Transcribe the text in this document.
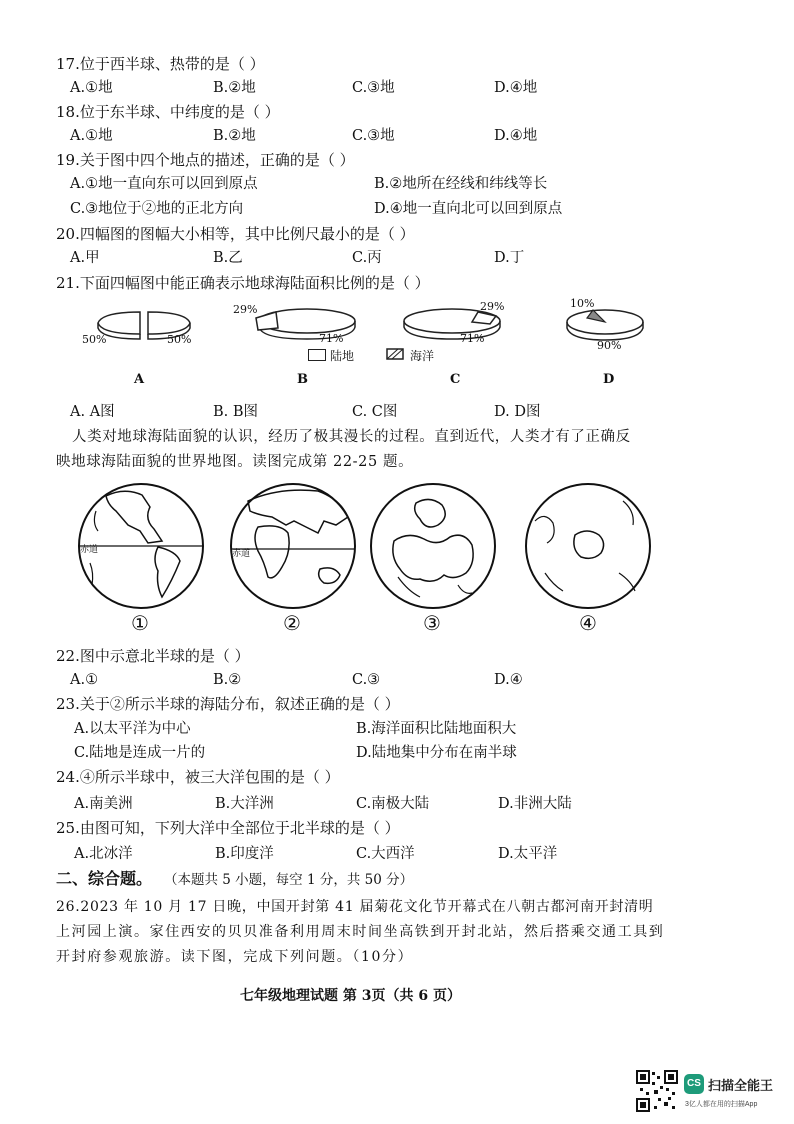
17.位于西半球、热带的是（ ）
A.①地	B.②地	C.③地	D.④地
18.位于东半球、中纬度的是（ ）
A.①地	B.②地	C.③地	D.④地
19.关于图中四个地点的描述，正确的是（ ）
A.①地一直向东可以回到原点	B.②地所在经线和纬线等长
C.③地位于②地的正北方向	D.④地一直向北可以回到原点
20.四幅图的图幅大小相等，其中比例尺最小的是（ ）
A.甲	B.乙	C.丙	D.丁
21.下面四幅图中能正确表示地球海陆面积比例的是（ ）
50%	50%
A
29%
71%
B
29%
71%
C
10%
90%
D
陆地	海洋
A. A图	B. B图	C. C图	D. D图
人类对地球海陆面貌的认识，经历了极其漫长的过程。直到近代，人类才有了正确反
映地球海陆面貌的世界地图。读图完成第 22-25 题。
赤道
①
赤道
②	③	④
22.图中示意北半球的是（ ）
A.①	B.②	C.③	D.④
23.关于②所示半球的海陆分布，叙述正确的是（ ）
A.以太平洋为中心	B.海洋面积比陆地面积大
C.陆地是连成一片的	D.陆地集中分布在南半球
24.④所示半球中，被三大洋包围的是（ ）
A.南美洲	B.大洋洲	C.南极大陆	D.非洲大陆
25.由图可知，下列大洋中全部位于北半球的是（ ）
A.北冰洋	B.印度洋	C.大西洋	D.太平洋
二、综合题。 （本题共 5 小题，每空 1 分，共 50 分）
26.2023 年 10 月 17 日晚，中国开封第 41 届菊花文化节开幕式在八朝古都河南开封清明
上河园上演。家住西安的贝贝准备利用周末时间坐高铁到开封北站，然后搭乘交通工具到
开封府参观旅游。读下图，完成下列问题。（10分）
七年级地理试题 第 3页（共 6 页）
CS 扫描全能王
3亿人都在用的扫描App
